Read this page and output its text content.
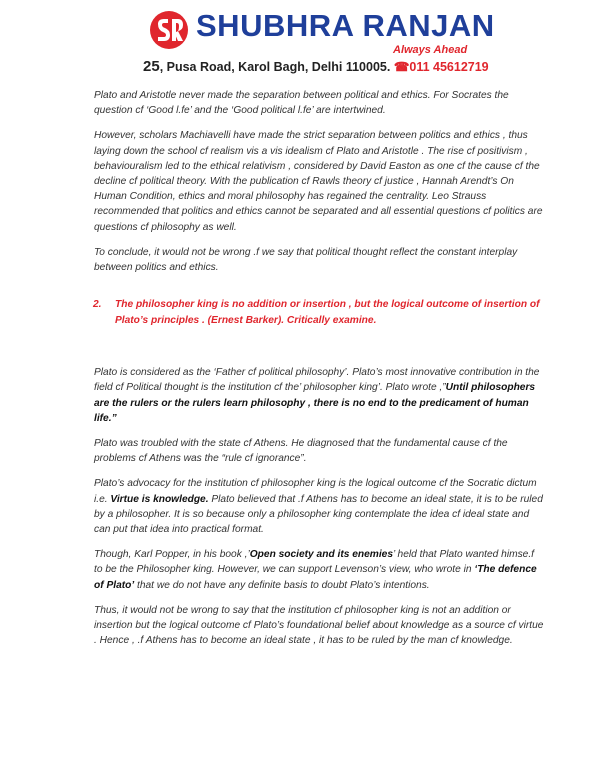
SHUBHRA RANJAN
Always Ahead
25, Pusa Road, Karol Bagh, Delhi 110005. ☎011 45612719

Plato and Aristotle never made the separation between political and ethics. For Socrates the question cf ‘Good l.fe’ and the ‘Good political l.fe’ are intertwined.

However, scholars Machiavelli have made the strict separation between politics and ethics , thus laying down the school cf realism vis a vis idealism cf Plato and Aristotle . The rise cf positivism , behaviouralism led to the ethical relativism , considered by David Easton as one cf the cause cf the decline cf political theory. With the publication cf Rawls theory cf justice , Hannah Arendt’s On Human Condition, ethics and moral philosophy has regained the centrality. Leo Strauss recommended that politics and ethics cannot be separated and all essential questions cf politics are questions cf philosophy as well.

To conclude, it would not be wrong .f we say that political thought reflect the constant interplay between politics and ethics.

2. The philosopher king is no addition or insertion , but the logical outcome of insertion of Plato’s principles . (Ernest Barker). Critically examine.

Plato is considered as the ‘Father cf political philosophy’. Plato’s most innovative contribution in the field cf Political thought is the institution cf the’ philosopher king’. Plato wrote ,”Until philosophers are the rulers or the rulers learn philosophy , there is no end to the predicament of human life.”

Plato was troubled with the state cf Athens. He diagnosed that the fundamental cause cf the problems cf Athens was the “rule cf ignorance”.

Plato’s advocacy for the institution cf philosopher king is the logical outcome cf the Socratic dictum i.e. Virtue is knowledge. Plato believed that .f Athens has to become an ideal state, it is to be ruled by a philosopher. It is so because only a philosopher king contemplate the idea cf ideal state and can put that idea into practical format.

Though, Karl Popper, in his book ,’Open society and its enemies’ held that Plato wanted himse.f to be the Philosopher king. However, we can support Levenson’s view, who wrote in ‘The defence of Plato’ that we do not have any definite basis to doubt Plato’s intentions.

Thus, it would not be wrong to say that the institution cf philosopher king is not an addition or insertion but the logical outcome cf Plato’s foundational belief about knowledge as a source cf virtue . Hence , .f Athens has to become an ideal state , it has to be ruled by the man cf knowledge.
